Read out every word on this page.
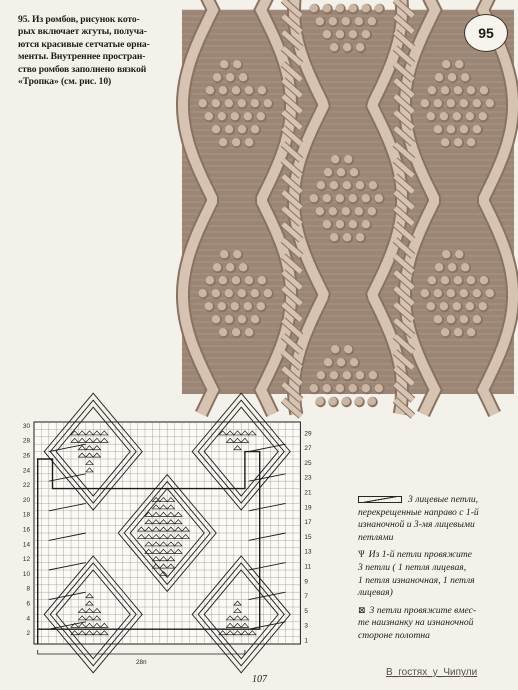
95. Из ромбов, рисунок кото-
рых включает жгуты, получа-
ются красивые сетчатые орна-
менты. Внутреннее простран-
ство ромбов заполнено вязкой
«Тропка» (см. рис. 10)
95
30
28
26
24
22
20
18
16
14
12
10
8
6
4
2
29
27
25
23
21
19
17
15
13
11
9
7
5
3
1
28п
3 лицевые петли,
перекрещенные направо с 1-й
изнаночной и 3-мя лицевыми
петлями
Ѱ Из 1-й петли провяжите
3 петли ( 1 петля лицевая,
1 петля изнаночная, 1 петля
лицевая)
⊠ 3 петли провяжите вмес-
те наизнанку на изнаночной
стороне полотна
107
В_гостях_у_Чипули
